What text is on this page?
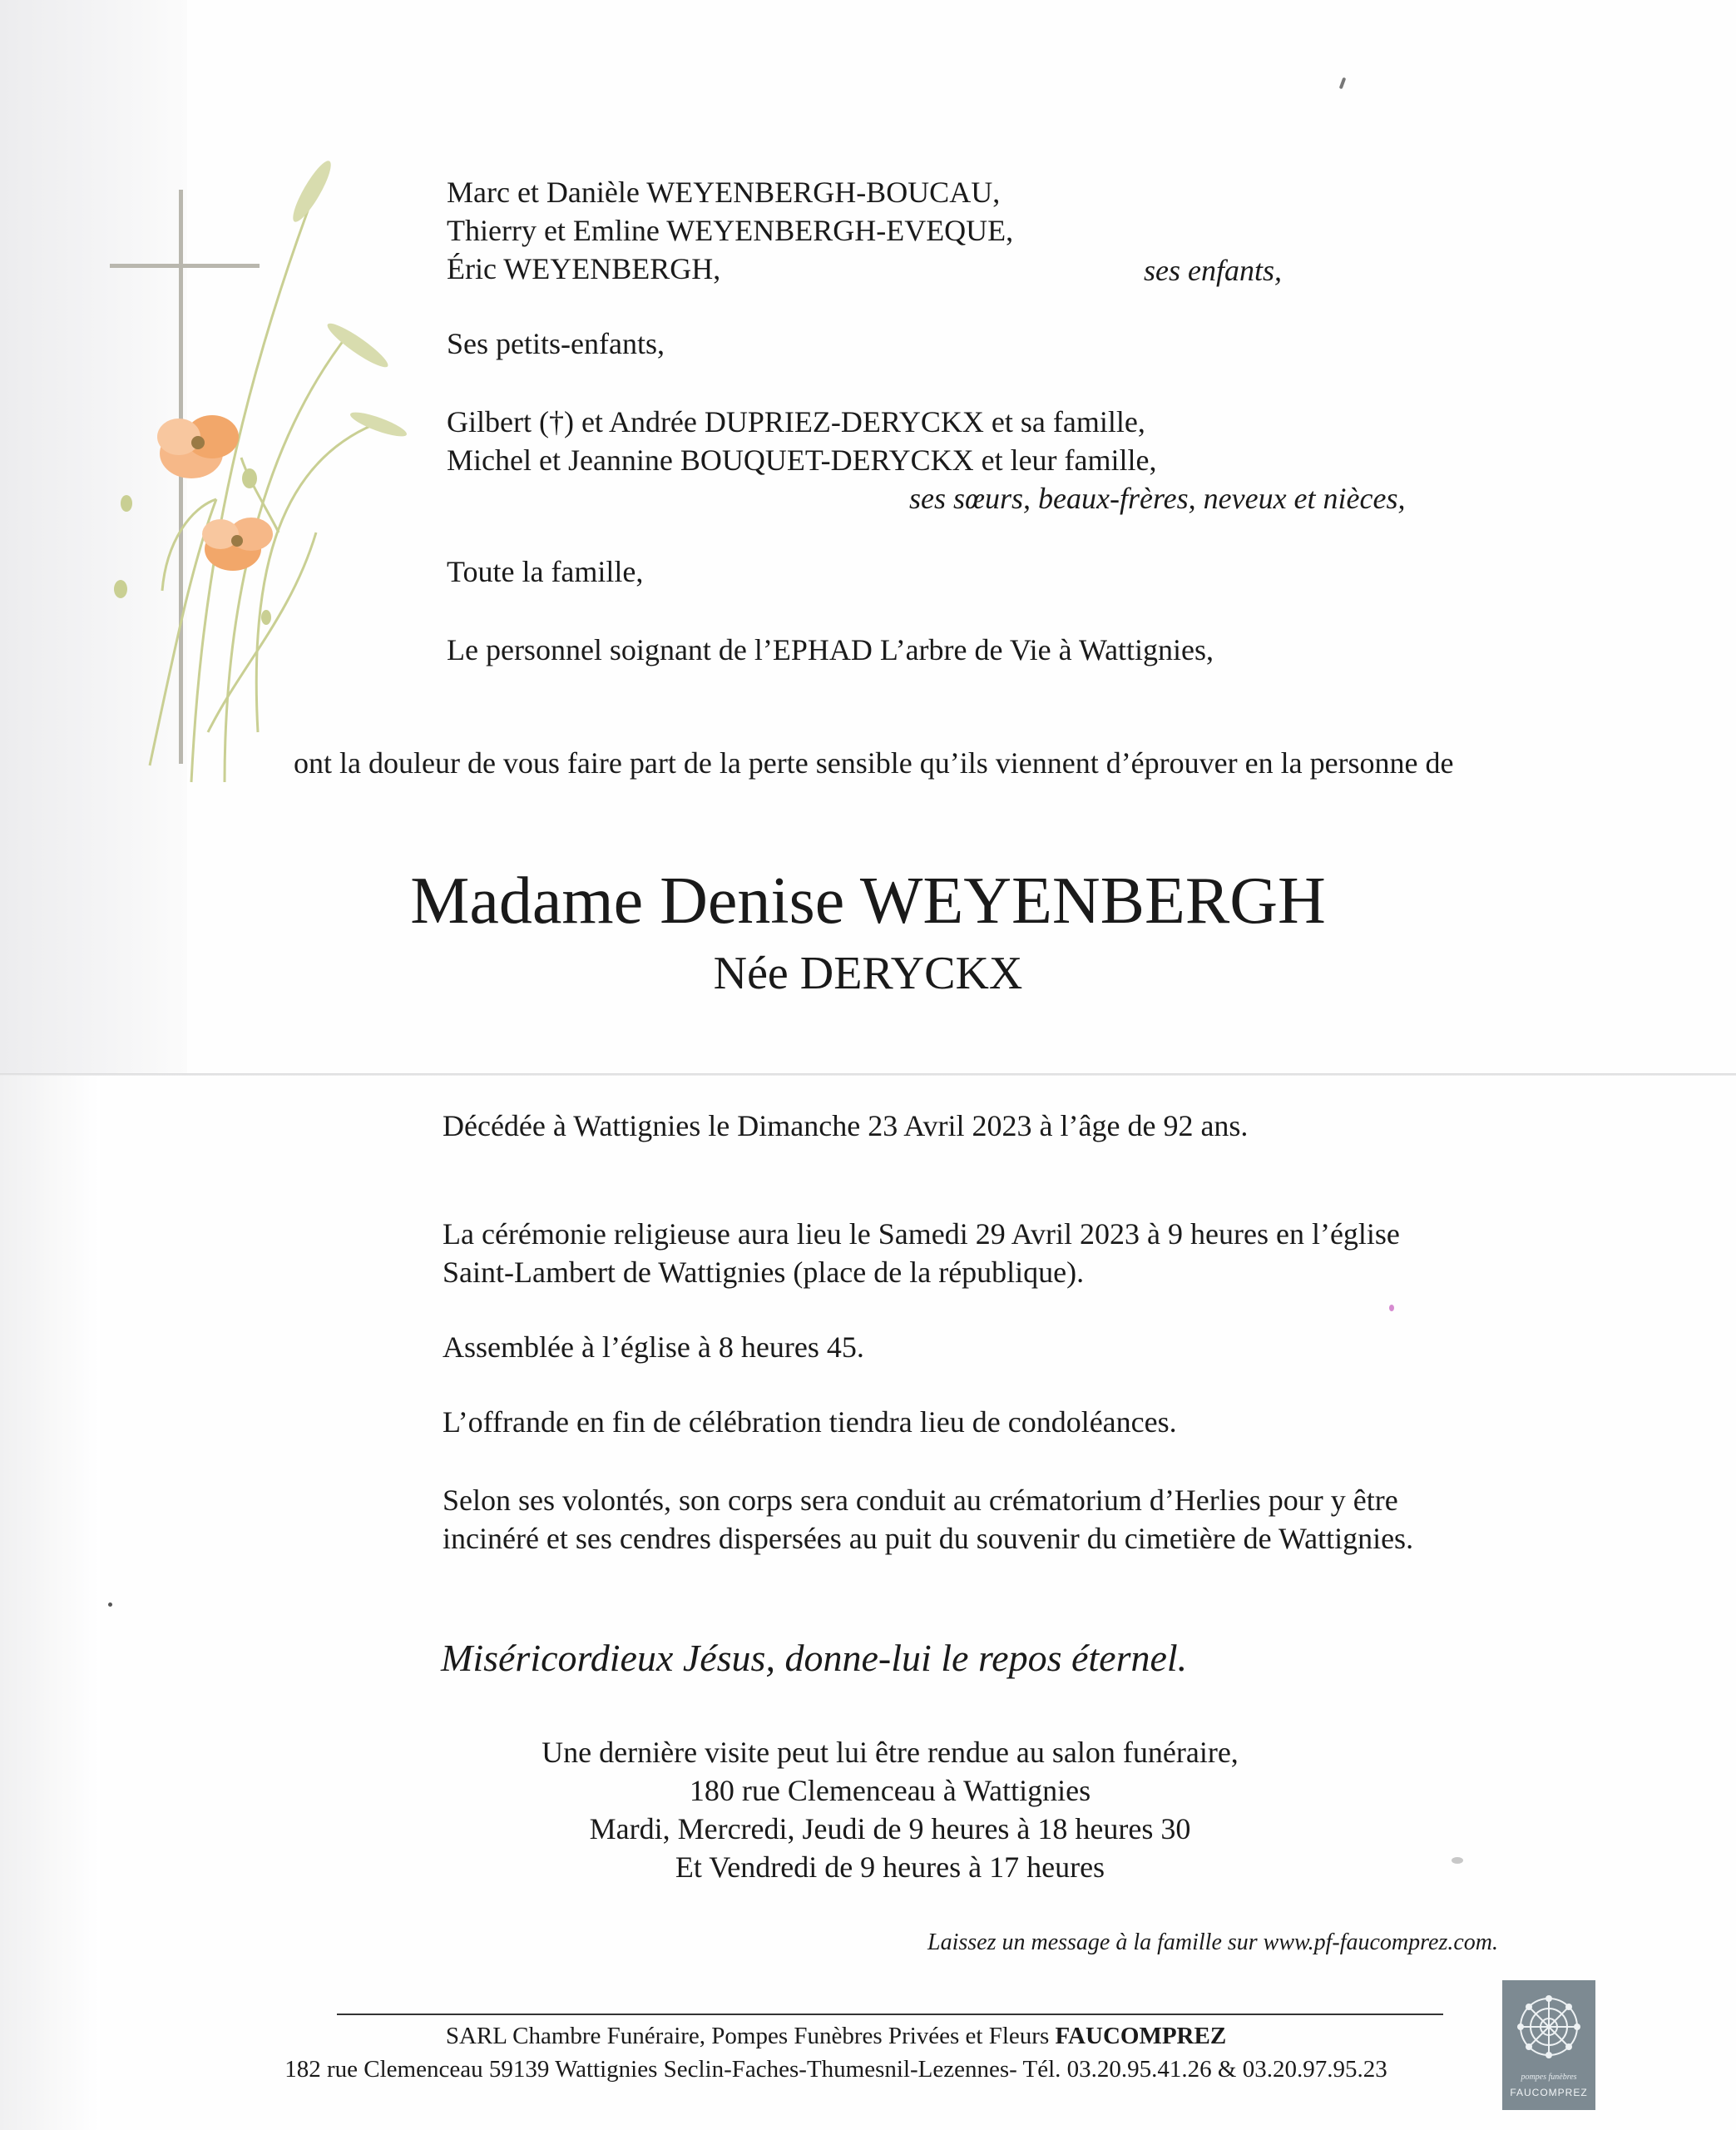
Marc et Danièle WEYENBERGH-BOUCAU,
Thierry et Emline WEYENBERGH-EVEQUE,
Éric WEYENBERGH,	ses enfants,
Ses petits-enfants,
Gilbert (†) et Andrée DUPRIEZ-DERYCKX et sa famille,
Michel et Jeannine BOUQUET-DERYCKX et leur famille,
ses sœurs, beaux-frères, neveux et nièces,
Toute la famille,
Le personnel soignant de l’EPHAD L’arbre de Vie à Wattignies,
ont la douleur de vous faire part de la perte sensible qu’ils viennent d’éprouver en la personne de
Madame Denise WEYENBERGH
Née DERYCKX
Décédée à Wattignies le Dimanche 23 Avril 2023 à l’âge de 92 ans.
La cérémonie religieuse aura lieu le Samedi 29 Avril 2023 à 9 heures en l’église
Saint-Lambert de Wattignies (place de la république).
Assemblée à l’église à 8 heures 45.
L’offrande en fin de célébration tiendra lieu de condoléances.
Selon ses volontés, son corps sera conduit au crématorium d’Herlies pour y être
incinéré et ses cendres dispersées au puit du souvenir du cimetière de Wattignies.
Miséricordieux Jésus, donne-lui le repos éternel.
Une dernière visite peut lui être rendue au salon funéraire,
180 rue Clemenceau à Wattignies
Mardi, Mercredi, Jeudi de 9 heures à 18 heures 30
Et Vendredi de 9 heures à 17 heures
Laissez un message à la famille sur www.pf-faucomprez.com.
SARL Chambre Funéraire, Pompes Funèbres Privées et Fleurs FAUCOMPREZ
182 rue Clemenceau 59139 Wattignies Seclin-Faches-Thumesnil-Lezennes- Tél. 03.20.95.41.26 & 03.20.97.95.23	pompes funèbres
FAUCOMPREZ
